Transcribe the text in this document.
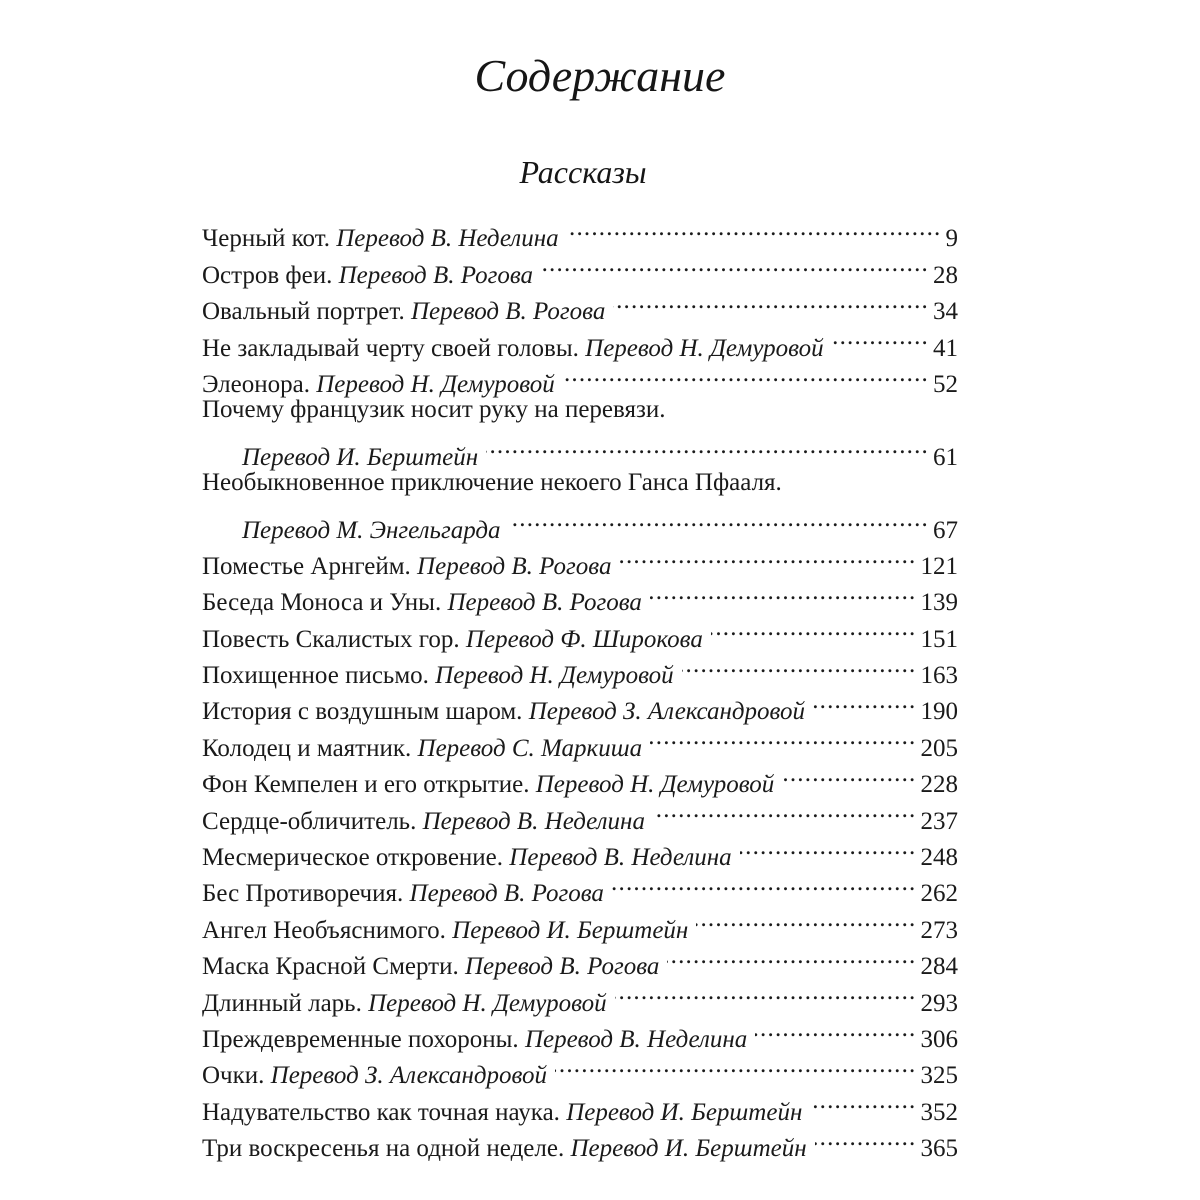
Содержание
Рассказы
Черный кот. Перевод В. Неделина .....	9
Остров феи. Перевод В. Рогова .....	28
Овальный портрет. Перевод В. Рогова .....	34
Не закладывай черту своей головы. Перевод Н. Демуровой .....	41
Элеонора. Перевод Н. Демуровой .....	52
Почему французик носит руку на перевязи.
Перевод И. Берштейн .....	61
Необыкновенное приключение некоего Ганса Пфааля.
Перевод М. Энгельгарда .....	67
Поместье Арнгейм. Перевод В. Рогова .....	121
Беседа Моноса и Уны. Перевод В. Рогова .....	139
Повесть Скалистых гор. Перевод Ф. Широкова .....	151
Похищенное письмо. Перевод Н. Демуровой .....	163
История с воздушным шаром. Перевод З. Александровой .....	190
Колодец и маятник. Перевод С. Маркиша .....	205
Фон Кемпелен и его открытие. Перевод Н. Демуровой .....	228
Сердце-обличитель. Перевод В. Неделина .....	237
Месмерическое откровение. Перевод В. Неделина .....	248
Бес Противоречия. Перевод В. Рогова .....	262
Ангел Необъяснимого. Перевод И. Берштейн .....	273
Маска Красной Смерти. Перевод В. Рогова .....	284
Длинный ларь. Перевод Н. Демуровой .....	293
Преждевременные похороны. Перевод В. Неделина .....	306
Очки. Перевод З. Александровой .....	325
Надувательство как точная наука. Перевод И. Берштейн .....	352
Три воскресенья на одной неделе. Перевод И. Берштейн .....	365
